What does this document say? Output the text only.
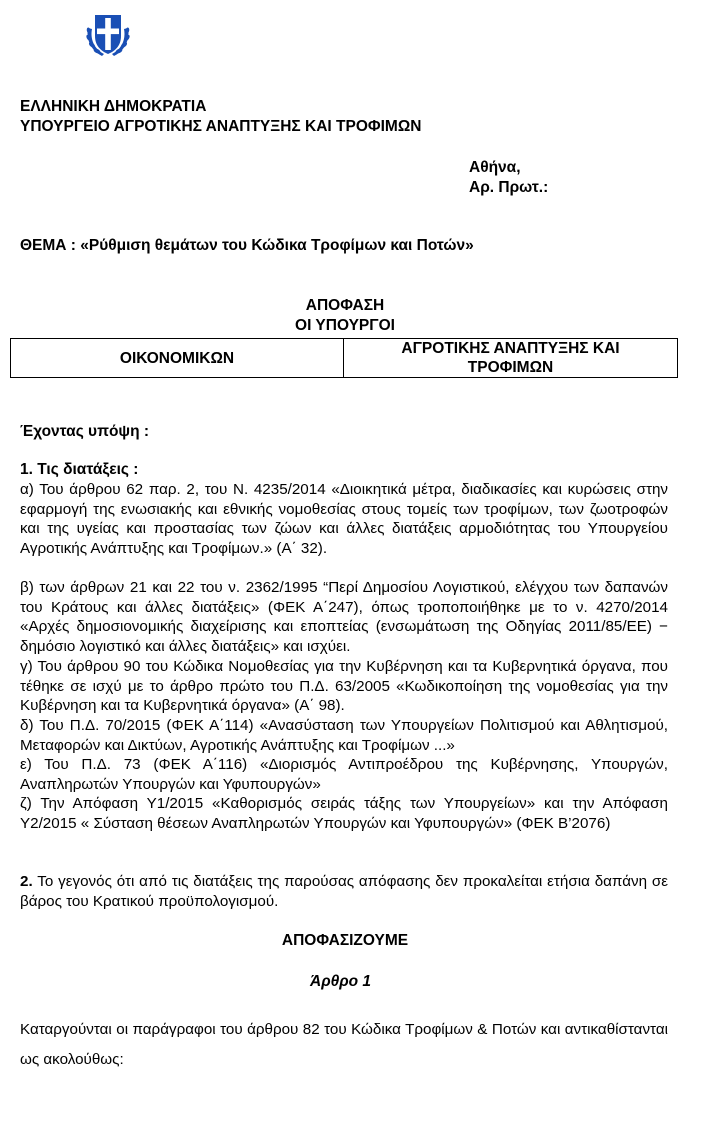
ΕΛΛΗΝΙΚΗ ΔΗΜΟΚΡΑΤΙΑ

ΥΠΟΥΡΓΕΙΟ ΑΓΡΟΤΙΚΗΣ ΑΝΑΠΤΥΞΗΣ ΚΑΙ ΤΡΟΦΙΜΩΝ

Αθήνα,

Αρ. Πρωτ.:

ΘΕΜΑ : «Ρύθμιση θεμάτων του Κώδικα Τροφίμων και Ποτών»

ΑΠΟΦΑΣΗ

ΟΙ ΥΠΟΥΡΓΟΙ

ΟΙΚΟΝΟΜΙΚΩΝ
ΑΓΡΟΤΙΚΗΣ ΑΝΑΠΤΥΞΗΣ ΚΑΙ ΤΡΟΦΙΜΩΝ

Έχοντας υπόψη :

1. Τις διατάξεις :

α) Του άρθρου 62 παρ. 2, του Ν. 4235/2014 «Διοικητικά μέτρα, διαδικασίες και κυρώσεις στην εφαρμογή της ενωσιακής και εθνικής νομοθεσίας στους τομείς των τροφίμων, των ζωοτροφών και της υγείας και προστασίας των ζώων και άλλες διατάξεις αρμοδιότητας του Υπουργείου Αγροτικής Ανάπτυξης και Τροφίμων.» (Α΄ 32).

β) των άρθρων 21 και 22 του ν. 2362/1995 “Περί Δημοσίου Λογιστικού, ελέγχου των δαπανών του Κράτους και άλλες διατάξεις» (ΦΕΚ Α΄247), όπως τροποποιήθηκε με το ν. 4270/2014 «Αρχές δημοσιονομικής διαχείρισης και εποπτείας (ενσωμάτωση της Οδηγίας 2011/85/ΕΕ) − δημόσιο λογιστικό και άλλες διατάξεις» και ισχύει.

γ) Του άρθρου 90 του Κώδικα Νομοθεσίας για την Κυβέρνηση και τα Κυβερνητικά όργανα, που τέθηκε σε ισχύ με το άρθρο πρώτο του Π.Δ. 63/2005 «Κωδικοποίηση της νομοθεσίας για την Κυβέρνηση και τα Κυβερνητικά όργανα» (Α΄ 98).

δ) Του Π.Δ. 70/2015 (ΦΕΚ Α΄114) «Ανασύσταση των Υπουργείων Πολιτισμού και Αθλητισμού, Μεταφορών και Δικτύων, Αγροτικής Ανάπτυξης και Τροφίμων ...»

ε) Του Π.Δ. 73 (ΦΕΚ Α΄116) «Διορισμός Αντιπροέδρου της Κυβέρνησης, Υπουργών, Αναπληρωτών Υπουργών και Υφυπουργών»

ζ) Την Απόφαση Υ1/2015 «Καθορισμός σειράς τάξης των Υπουργείων» και την Απόφαση Υ2/2015 « Σύσταση θέσεων Αναπληρωτών Υπουργών και Υφυπουργών» (ΦΕΚ Β’2076)

2. Το γεγονός ότι από τις διατάξεις της παρούσας απόφασης δεν προκαλείται ετήσια δαπάνη σε βάρος του Κρατικού προϋπολογισμού.

ΑΠΟΦΑΣΙΖΟΥΜΕ

Άρθρο 1

Καταργούνται οι παράγραφοι του άρθρου 82 του Κώδικα Τροφίμων & Ποτών και αντικαθίστανται ως ακολούθως:
